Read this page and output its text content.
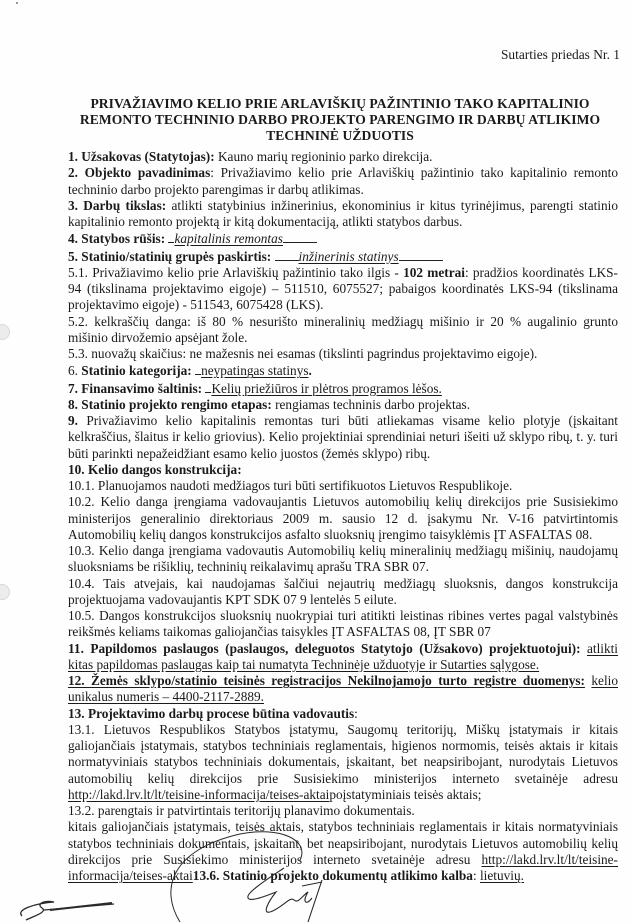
Sutarties priedas Nr. 1
PRIVAŽIAVIMO KELIO PRIE ARLAVIŠKIŲ PAŽINTINIO TAKO KAPITALINIO
REMONTO TECHNINIO DARBO PROJEKTO PARENGIMO IR DARBŲ ATLIKIMO
TECHNINĖ UŽDUOTIS

1. Užsakovas (Statytojas): Kauno marių regioninio parko direkcija.

2. Objekto pavadinimas: Privažiavimo kelio prie Arlaviškių pažintinio tako kapitalinio remonto techninio darbo projekto parengimas ir darbų atlikimas.

3. Darbų tikslas: atlikti statybinius inžinerinius, ekonominius ir kitus tyrinėjimus, parengti statinio kapitalinio remonto projektą ir kitą dokumentaciją, atlikti statybos darbus.

4. Statybos rūšis: kapitalinis remontas

5. Statinio/statinių grupės paskirtis: inžinerinis statinys

5.1. Privažiavimo kelio prie Arlaviškių pažintinio tako ilgis - 102 metrai: pradžios koordinatės LKS-94 (tikslinama projektavimo eigoje) – 511510, 6075527; pabaigos koordinatės LKS-94 (tikslinama projektavimo eigoje) - 511543, 6075428 (LKS).

5.2. kelkraščių danga: iš 80 % nesurišto mineralinių medžiagų mišinio ir 20 % augalinio grunto mišinio dirvožemio apsėjant žole.

5.3. nuovažų skaičius: ne mažesnis nei esamas (tikslinti pagrindus projektavimo eigoje).

6. Statinio kategorija: neypatingas statinys.

7. Finansavimo šaltinis: Kelių priežiūros ir plėtros programos lėšos.

8. Statinio projekto rengimo etapas: rengiamas techninis darbo projektas.

9. Privažiavimo kelio kapitalinis remontas turi būti atliekamas visame kelio plotyje (įskaitant kelkraščius, šlaitus ir kelio griovius). Kelio projektiniai sprendiniai neturi išeiti už sklypo ribų, t. y. turi būti parinkti nepažeidžiant esamo kelio juostos (žemės sklypo) ribų.

10. Kelio dangos konstrukcija:

10.1. Planuojamos naudoti medžiagos turi būti sertifikuotos Lietuvos Respublikoje.

10.2. Kelio danga įrengiama vadovaujantis Lietuvos automobilių kelių direkcijos prie Susisiekimo ministerijos generalinio direktoriaus 2009 m. sausio 12 d. įsakymu Nr. V-16 patvirtintomis Automobilių kelių dangos konstrukcijos asfalto sluoksnių įrengimo taisyklėmis ĮT ASFALTAS 08.

10.3. Kelio danga įrengiama vadovautis Automobilių kelių mineralinių medžiagų mišinių, naudojamų sluoksniams be rišiklių, techninių reikalavimų aprašu TRA SBR 07.

10.4. Tais atvejais, kai naudojamas šalčiui nejautrių medžiagų sluoksnis, dangos konstrukcija projektuojama vadovaujantis KPT SDK 07 9 lentelės 5 eilute.

10.5. Dangos konstrukcijos sluoksnių nuokrypiai turi atitikti leistinas ribines vertes pagal valstybinės reikšmės keliams taikomas galiojančias taisykles ĮT ASFALTAS 08, ĮT SBR 07

11. Papildomos paslaugos (paslaugos, deleguotos Statytojo (Užsakovo) projektuotojui): atlikti kitas papildomas paslaugas kaip tai numatyta Techninėje užduotyje ir Sutarties sąlygose.

12. Žemės sklypo/statinio teisinės registracijos Nekilnojamojo turto registre duomenys: kelio unikalus numeris – 4400-2117-2889.

13. Projektavimo darbų procese būtina vadovautis:

13.1. Lietuvos Respublikos Statybos įstatymu, Saugomų teritorijų, Miškų įstatymais ir kitais galiojančiais įstatymais, statybos techniniais reglamentais, higienos normomis, teisės aktais ir kitais normatyviniais statybos techniniais dokumentais, įskaitant, bet neapsiribojant, nurodytais Lietuvos automobilių kelių direkcijos prie Susisiekimo ministerijos interneto svetainėje adresu http://lakd.lrv.lt/lt/teisine-informacija/teises-aktaipoįstatyminiais teisės aktais;

13.2. parengtais ir patvirtintais teritorijų planavimo dokumentais.

kitais galiojančiais įstatymais, teisės aktais, statybos techniniais reglamentais ir kitais normatyviniais statybos techniniais dokumentais, įskaitant, bet neapsiribojant, nurodytais Lietuvos automobilių kelių direkcijos prie Susisiekimo ministerijos interneto svetainėje adresu http://lakd.lrv.lt/lt/teisine-informacija/teises-aktai13.6. Statinio projekto dokumentų atlikimo kalba: lietuvių.
